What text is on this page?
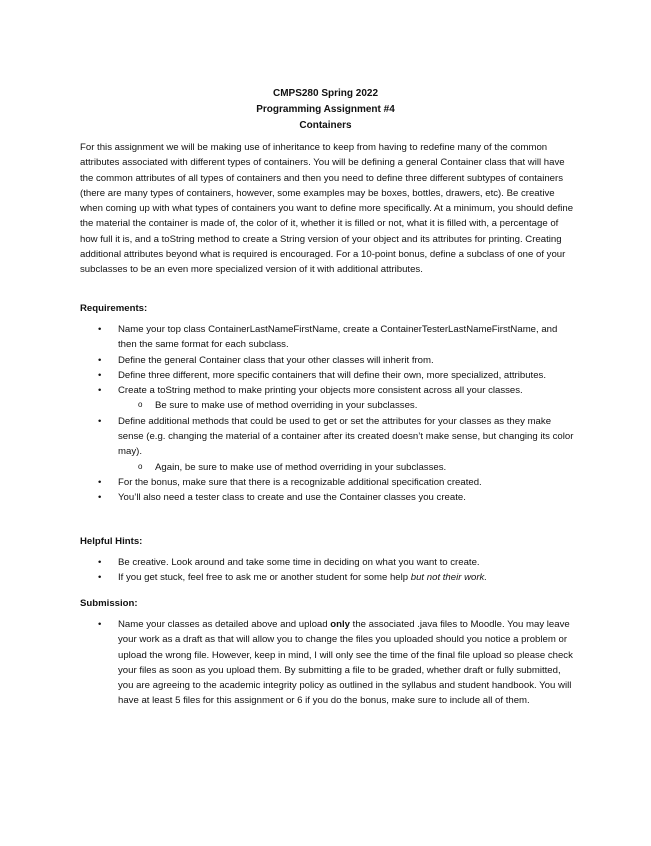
CMPS280 Spring 2022
Programming Assignment #4
Containers

For this assignment we will be making use of inheritance to keep from having to redefine many of the common attributes associated with different types of containers. You will be defining a general Container class that will have the common attributes of all types of containers and then you need to define three different subtypes of containers (there are many types of containers, however, some examples may be boxes, bottles, drawers, etc). Be creative when coming up with what types of containers you want to define more specifically. At a minimum, you should define the material the container is made of, the color of it, whether it is filled or not, what it is filled with, a percentage of how full it is, and a toString method to create a String version of your object and its attributes for printing. Creating additional attributes beyond what is required is encouraged. For a 10-point bonus, define a subclass of one of your subclasses to be an even more specialized version of it with additional attributes.

Requirements:
• Name your top class ContainerLastNameFirstName, create a ContainerTesterLastNameFirstName, and then the same format for each subclass.
• Define the general Container class that your other classes will inherit from.
• Define three different, more specific containers that will define their own, more specialized, attributes.
• Create a toString method to make printing your objects more consistent across all your classes.
o Be sure to make use of method overriding in your subclasses.
• Define additional methods that could be used to get or set the attributes for your classes as they make sense (e.g. changing the material of a container after its created doesn’t make sense, but changing its color may).
o Again, be sure to make use of method overriding in your subclasses.
• For the bonus, make sure that there is a recognizable additional specification created.
• You’ll also need a tester class to create and use the Container classes you create.
Helpful Hints:
• Be creative. Look around and take some time in deciding on what you want to create.
• If you get stuck, feel free to ask me or another student for some help but not their work.
Submission:
• Name your classes as detailed above and upload only the associated .java files to Moodle. You may leave your work as a draft as that will allow you to change the files you uploaded should you notice a problem or upload the wrong file. However, keep in mind, I will only see the time of the final file upload so please check your files as soon as you upload them. By submitting a file to be graded, whether draft or fully submitted, you are agreeing to the academic integrity policy as outlined in the syllabus and student handbook. You will have at least 5 files for this assignment or 6 if you do the bonus, make sure to include all of them.
